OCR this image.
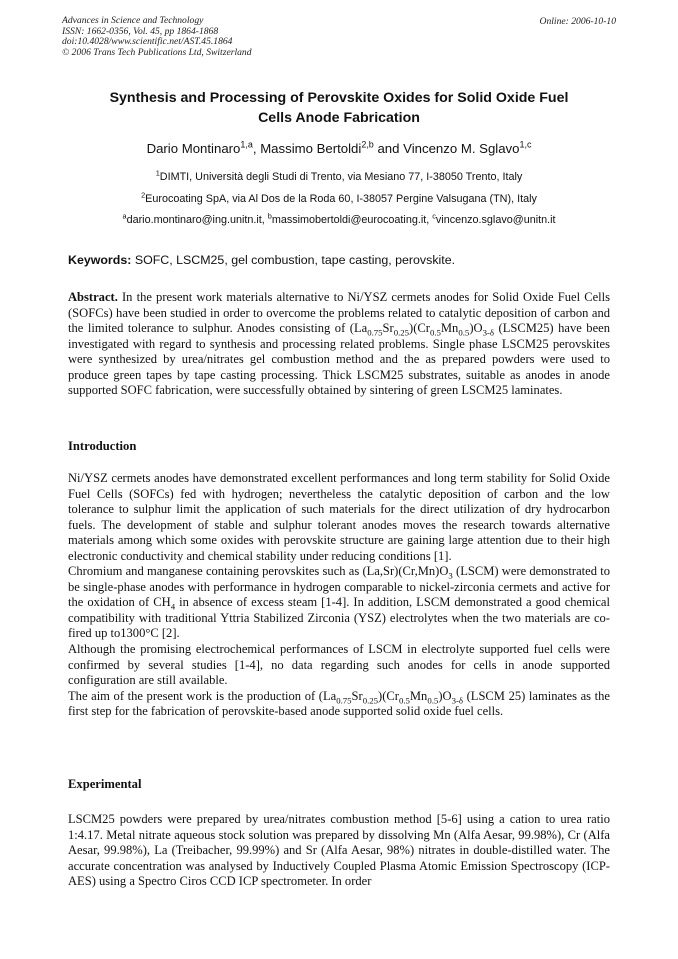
Advances in Science and Technology
ISSN: 1662-0356, Vol. 45, pp 1864-1868
doi:10.4028/www.scientific.net/AST.45.1864
© 2006 Trans Tech Publications Ltd, Switzerland
Online: 2006-10-10
Synthesis and Processing of Perovskite Oxides for Solid Oxide Fuel
Cells Anode Fabrication
Dario Montinaro$^{1,a}$, Massimo Bertoldi$^{2,b}$ and Vincenzo M. Sglavo$^{1,c}$
$^1$DIMTI, Università degli Studi di Trento, via Mesiano 77, I-38050 Trento, Italy
$^2$Eurocoating SpA, via Al Dos de la Roda 60, I-38057 Pergine Valsugana (TN), Italy
$^a$dario.montinaro@ing.unitn.it, $^b$massimobertoldi@eurocoating.it, $^c$vincenzo.sglavo@unitn.it
Keywords: SOFC, LSCM25, gel combustion, tape casting, perovskite.

Abstract. In the present work materials alternative to Ni/YSZ cermets anodes for Solid Oxide Fuel Cells (SOFCs) have been studied in order to overcome the problems related to catalytic deposition of carbon and the limited tolerance to sulphur. Anodes consisting of $(La_{0.75}Sr_{0.25})(Cr_{0.5}Mn_{0.5})O_{3-\delta}$ (LSCM25) have been investigated with regard to synthesis and processing related problems. Single phase LSCM25 perovskites were synthesized by urea/nitrates gel combustion method and the as prepared powders were used to produce green tapes by tape casting processing. Thick LSCM25 substrates, suitable as anodes in anode supported SOFC fabrication, were successfully obtained by sintering of green LSCM25 laminates.

Introduction

Ni/YSZ cermets anodes have demonstrated excellent performances and long term stability for Solid Oxide Fuel Cells (SOFCs) fed with hydrogen; nevertheless the catalytic deposition of carbon and the low tolerance to sulphur limit the application of such materials for the direct utilization of dry hydrocarbon fuels. The development of stable and sulphur tolerant anodes moves the research towards alternative materials among which some oxides with perovskite structure are gaining large attention due to their high electronic conductivity and chemical stability under reducing conditions [1].

Chromium and manganese containing perovskites such as $(La,Sr)(Cr,Mn)O_3$ (LSCM) were demonstrated to be single-phase anodes with performance in hydrogen comparable to nickel-zirconia cermets and active for the oxidation of $CH_4$ in absence of excess steam [1-4]. In addition, LSCM demonstrated a good chemical compatibility with traditional Yttria Stabilized Zirconia (YSZ) electrolytes when the two materials are co-fired up to1300°C [2].

Although the promising electrochemical performances of LSCM in electrolyte supported fuel cells were confirmed by several studies [1-4], no data regarding such anodes for cells in anode supported configuration are still available.

The aim of the present work is the production of $(La_{0.75}Sr_{0.25})(Cr_{0.5}Mn_{0.5})O_{3-\delta}$ (LSCM 25) laminates as the first step for the fabrication of perovskite-based anode supported solid oxide fuel cells.

Experimental

LSCM25 powders were prepared by urea/nitrates combustion method [5-6] using a cation to urea ratio 1:4.17. Metal nitrate aqueous stock solution was prepared by dissolving Mn (Alfa Aesar, 99.98%), Cr (Alfa Aesar, 99.98%), La (Treibacher, 99.99%) and Sr (Alfa Aesar, 98%) nitrates in double-distilled water. The accurate concentration was analysed by Inductively Coupled Plasma Atomic Emission Spectroscopy (ICP-AES) using a Spectro Ciros CCD ICP spectrometer. In order
